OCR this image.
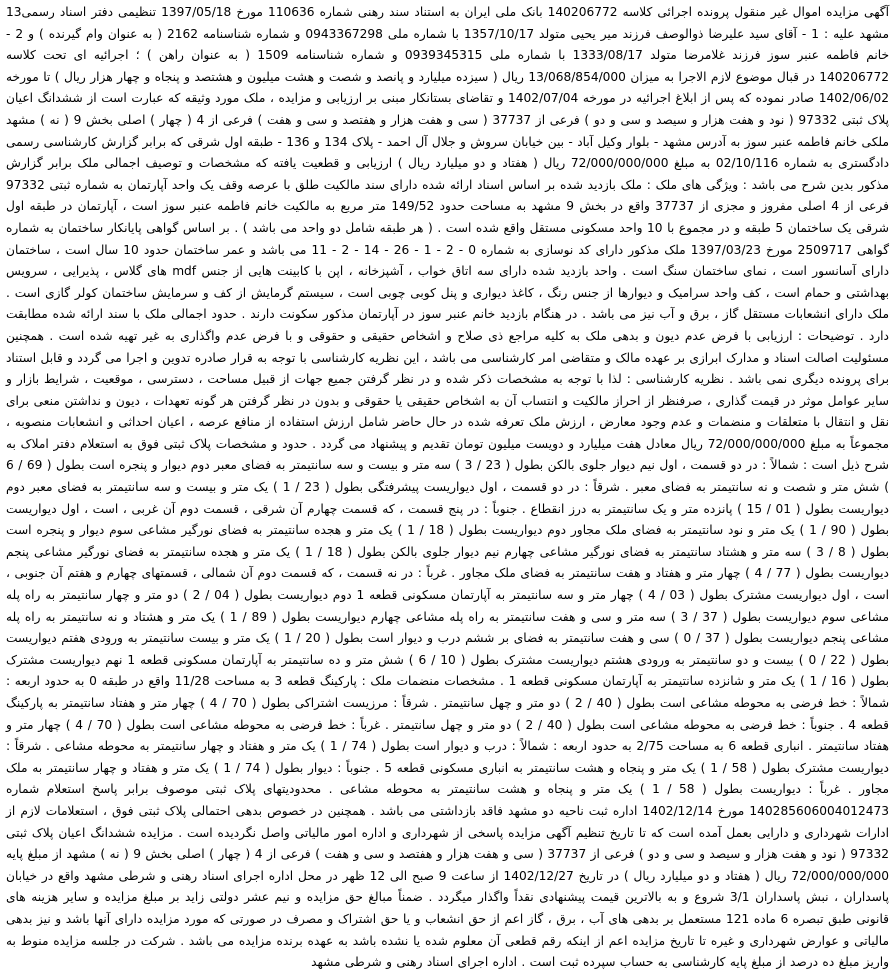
آگهی مزایده اموال غیر منقول پرونده اجرائی کلاسه 140206772 بانک ملی ایران به استناد سند رهنی شماره 110636 مورخ 1397/05/18 تنظیمی دفتر اسناد رسمی13 مشهد علیه : 1 - آقای سید علیرضا ذوالوصف فرزند میر یحیی متولد 1357/10/17 با شماره ملی 0943367298 و شماره شناسنامه 2162 ( به عنوان وام گیرنده ) و 2 - خانم فاطمه عنبر سوز فرزند غلامرضا متولد 1333/08/17 با شماره ملی 0939345315 و شماره شناسنامه 1509 ( به عنوان راهن ) ؛ اجرائیه ای تحت کلاسه 140206772 در قبال موضوع لازم الاجرا به میزان 13/068/854/000 ریال ( سیزده میلیارد و پانصد و شصت و هشت میلیون و هشتصد و پنجاه و چهار هزار ریال ) تا مورخه 1402/06/02 صادر نموده که پس از ابلاغ اجرائیه در مورخه 1402/07/04 و تقاضای بستانکار مبنی بر ارزیابی و مزایده ، ملک مورد وثیقه که عبارت است از ششدانگ اعیان پلاک ثبتی 97332 ( نود و هفت هزار و سیصد و سی و دو ) فرعی از 37737 ( سی و هفت هزار و هفتصد و سی و هفت ) فرعی از 4 ( چهار ) اصلی بخش 9 ( نه ) مشهد ملکی خانم فاطمه عنبر سوز به آدرس مشهد - بلوار وکیل آباد - بین خیابان سروش و جلال آل احمد - پلاک 134 و 136 - طبقه اول شرقی که برابر گزارش کارشناسی رسمی دادگستری به شماره 02/10/116 به مبلغ 72/000/000/000 ریال ( هفتاد و دو میلیارد ریال ) ارزیابی و قطعیت یافته که مشخصات و توصیف اجمالی ملک برابر گزارش مذکور بدین شرح می باشد : ویژگی های ملک : ملک بازدید شده بر اساس اسناد ارائه شده دارای سند مالکیت طلق با عرصه وقف یک واحد آپارتمان به شماره ثبتی 97332 فرعی از 4 اصلی مفروز و مجزی از 37737 واقع در بخش 9 مشهد به مساحت حدود 149/52 متر مربع به مالکیت خانم فاطمه عنبر سوز است ، آپارتمان در طبقه اول شرقی یک ساختمان 5 طبقه و در مجموع با 10 واحد مسکونی مستقل واقع شده است . ( هر طبقه شامل دو واحد می باشد ) . بر اساس گواهی پایانکار ساختمان به شماره گواهی 2509717 مورخ 1397/03/23 ملک مذکور دارای کد نوسازی به شماره 0 - 2 - 1 - 26 - 14 - 2 - 11 می باشد و عمر ساختمان حدود 10 سال است ، ساختمان دارای آسانسور است ، نمای ساختمان سنگ است . واحد بازدید شده دارای سه اتاق خواب ، آشپزخانه ، اپن با کابینت هایی از جنس mdf های گلاس ، پذیرایی ، سرویس بهداشتی و حمام است ، کف واحد سرامیک و دیوارها از جنس رنگ ، کاغذ دیواری و پنل کوبی چوبی است ، سیستم گرمایش از کف و سرمایش ساختمان کولر گازی است . ملک دارای انشعابات مستقل گاز ، برق و آب نیز می باشد . در هنگام بازدید خانم عنبر سوز در آپارتمان مذکور سکونت دارند . حدود اجمالی ملک با سند ارائه شده مطابقت دارد . توضیحات : ارزیابی با فرض عدم دیون و بدهی ملک به کلیه مراجع ذی صلاح و اشخاص حقیقی و حقوقی و با فرض عدم واگذاری به غیر تهیه شده است . همچنین مسئولیت اصالت اسناد و مدارک ابرازی بر عهده مالک و متقاضی امر کارشناسی می باشد ، این نظریه کارشناسی با توجه به قرار صادره تدوین و اجرا می گردد و قابل استناد برای پرونده دیگری نمی باشد . نظریه کارشناسی : لذا با توجه به مشخصات ذکر شده و در نظر گرفتن جمیع جهات از قبیل مساحت ، دسترسی ، موقعیت ، شرایط بازار و سایر عوامل موثر در قیمت گذاری ، صرفنظر از احراز مالکیت و انتساب آن به اشخاص حقیقی یا حقوقی و بدون در نظر گرفتن هر گونه تعهدات ، دیون و نداشتن منعی برای نقل و انتقال با متعلقات و منضمات و عدم وجود معارض ، ارزش ملک تعرفه شده در حال حاضر شامل ارزش استفاده از منافع عرصه ، اعیان احداثی و انشعابات منصوبه ، مجموعاً به مبلغ 72/000/000/000 ریال معادل هفت میلیارد و دویست میلیون تومان تقدیم و پیشنهاد می گردد . حدود و مشخصات پلاک ثبتی فوق به استعلام دفتر املاک به شرح ذیل است : شمالاً : در دو قسمت ، اول نیم دیوار جلوی بالکن بطول ( 23 / 3 ) سه متر و بیست و سه سانتیمتر به فضای معبر دوم دیوار و پنجره است بطول ( 69 / 6 ) شش متر و شصت و نه سانتیمتر به فضای معبر . شرقاً : در دو قسمت ، اول دیواریست پیشرفتگی بطول ( 23 / 1 ) یک متر و بیست و سه سانتیمتر به فضای معبر دوم دیواریست بطول ( 01 / 15 ) پانزده متر و یک سانتیمتر به درز انقطاع . جنوباً : در پنج قسمت ، که قسمت چهارم آن شرقی ، قسمت دوم آن غربی ، است ، اول دیواریست بطول ( 90 / 1 ) یک متر و نود سانتیمتر به فضای ملک مجاور دوم دیواریست بطول ( 18 / 1 ) یک متر و هجده سانتیمتر به فضای نورگیر مشاعی سوم دیوار و پنجره است بطول ( 8 / 3 ) سه متر و هشتاد سانتیمتر به فضای نورگیر مشاعی چهارم نیم دیوار جلوی بالکن بطول ( 18 / 1 ) یک متر و هجده سانتیمتر به فضای نورگیر مشاعی پنجم دیواریست بطول ( 77 / 4 ) چهار متر و هفتاد و هفت سانتیمتر به فضای ملک مجاور . غرباً : در نه قسمت ، که قسمت دوم آن شمالی ، قسمتهای چهارم و هفتم آن جنوبی ، است ، اول دیواریست مشترک بطول ( 03 / 4 ) چهار متر و سه سانتیمتر به آپارتمان مسکونی قطعه 1 دوم دیواریست بطول ( 04 / 2 ) دو متر و چهار سانتیمتر به راه پله مشاعی سوم دیواریست بطول ( 37 / 3 ) سه متر و سی و هفت سانتیمتر به راه پله مشاعی چهارم دیواریست بطول ( 89 / 1 ) یک متر و هشتاد و نه سانتیمتر به راه پله مشاعی پنجم دیواریست بطول ( 37 / 0 ) سی و هفت سانتیمتر به فضای بر ششم درب و دیوار است بطول ( 20 / 1 ) یک متر و بیست سانتیمتر به ورودی هفتم دیواریست بطول ( 22 / 0 ) بیست و دو سانتیمتر به ورودی هشتم دیواریست مشترک بطول ( 10 / 6 ) شش متر و ده سانتیمتر به آپارتمان مسکونی قطعه 1 نهم دیواریست مشترک بطول ( 16 / 1 ) یک متر و شانزده سانتیمتر به آپارتمان مسکونی قطعه 1 . مشخصات منضمات ملک : پارکینگ قطعه 3 به مساحت 11/28 واقع در طبقه 0 به حدود اربعه : شمالاً : خط فرضی به محوطه مشاعی است بطول ( 40 / 2 ) دو متر و چهل سانتیمتر . شرقاً : مرزیست اشتراکی بطول ( 70 / 4 ) چهار متر و هفتاد سانتیمتر به پارکینگ قطعه 4 . جنوباً : خط فرضی به محوطه مشاعی است بطول ( 40 / 2 ) دو متر و چهل سانتیمتر . غرباً : خط فرضی به محوطه مشاعی است بطول ( 70 / 4 ) چهار متر و هفتاد سانتیمتر . انباری قطعه 6 به مساحت 2/75 به حدود اربعه : شمالاً : درب و دیوار است بطول ( 74 / 1 ) یک متر و هفتاد و چهار سانتیمتر به محوطه مشاعی . شرقاً : دیواریست مشترک بطول ( 58 / 1 ) یک متر و پنجاه و هشت سانتیمتر به انباری مسکونی قطعه 5 . جنوباً : دیوار بطول ( 74 / 1 ) یک متر و هفتاد و چهار سانتیمتر به ملک مجاور . غرباً : دیواریست بطول ( 58 / 1 ) یک متر و پنجاه و هشت سانتیمتر به محوطه مشاعی . محدودیتهای پلاک ثبتی موصوف برابر پاسخ استعلام شماره 140285606004012473 مورخ 1402/12/14 اداره ثبت ناحیه دو مشهد فاقد بازداشتی می باشد . همچنین در خصوص بدهی احتمالی پلاک ثبتی فوق ، استعلامات لازم از ادارات شهرداری و دارایی بعمل آمده است که تا تاریخ تنظیم آگهی مزایده پاسخی از شهرداری و اداره امور مالیاتی واصل نگردیده است . مزایده ششدانگ اعیان پلاک ثبتی 97332 ( نود و هفت هزار و سیصد و سی و دو ) فرعی از 37737 ( سی و هفت هزار و هفتصد و سی و هفت ) فرعی از 4 ( چهار ) اصلی بخش 9 ( نه ) مشهد از مبلغ پایه 72/000/000/000 ریال ( هفتاد و دو میلیارد ریال ) در تاریخ 1402/12/27 از ساعت 9 صبح الی 12 ظهر در محل اداره اجرای اسناد رهنی و شرطی مشهد واقع در خیابان پاسداران ، نبش پاسداران 3/1 شروع و به بالاترین قیمت پیشنهادی نقداً واگذار میگردد . ضمناً مبالغ حق مزایده و نیم عشر دولتی زاید بر مبلغ مزایده و سایر هزینه های قانونی طبق تبصره 6 ماده 121 مستعمل بر بدهی های آب ، برق ، گاز اعم از حق انشعاب و یا حق اشتراک و مصرف در صورتی که مورد مزایده دارای آنها باشد و نیز بدهی مالیاتی و عوارض شهرداری و غیره تا تاریخ مزایده اعم از اینکه رقم قطعی آن معلوم شده یا نشده باشد به عهده برنده مزایده می باشد . شرکت در جلسه مزایده منوط به واریز مبلغ ده درصد از مبلغ پایه کارشناسی به حساب سپرده ثبت است . اداره اجرای اسناد رهنی و شرطی مشهد
